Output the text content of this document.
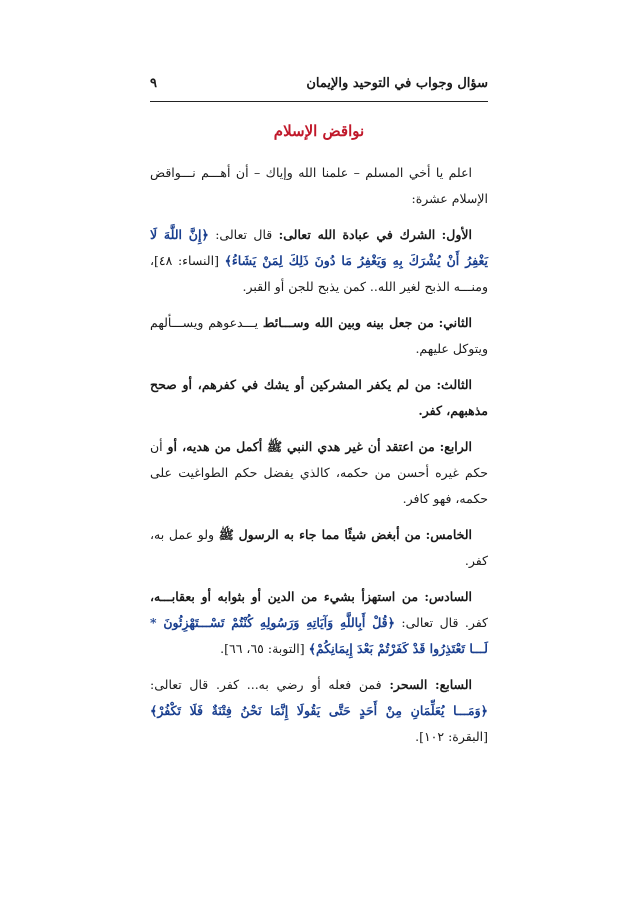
سؤال وجواب في التوحيد والإيمان
٩
نواقض الإسلام

اعلم يا أخي المسلم – علمنا الله وإياك – أن أهـــم نـــواقض الإسلام عشرة:

الأول: الشرك في عبادة الله تعالى: قال تعالى: ﴿إِنَّ اللَّهَ لَا يَغْفِرُ أَنْ يُشْرَكَ بِهِ وَيَغْفِرُ مَا دُونَ ذَلِكَ لِمَنْ يَشَاءُ﴾ [النساء: ٤٨]، ومنـــه الذبح لغير الله.. كمن يذبح للجن أو القبر.

الثاني: من جعل بينه وبين الله وســـائط يـــدعوهم ويســـألهم ويتوكل عليهم.

الثالث: من لم يكفر المشركين أو يشك في كفرهم، أو صحح مذهبهم، كفر.

الرابع: من اعتقد أن غير هدي النبي ﷺ أكمل من هديه، أو أن حكم غيره أحسن من حكمه، كالذي يفضل حكم الطواغيت على حكمه، فهو كافر.

الخامس: من أبغض شيئًا مما جاء به الرسول ﷺ ولو عمل به، كفر.

السادس: من استهزأ بشيء من الدين أو بثوابه أو بعقابـــه، كفر. قال تعالى: ﴿قُلْ أَبِاللَّهِ وَآيَاتِهِ وَرَسُولِهِ كُنْتُمْ تَسْـــتَهْزِئُونَ * لَـــا تَعْتَذِرُوا قَدْ كَفَرْتُمْ بَعْدَ إِيمَانِكُمْ﴾ [التوبة: ٦٥، ٦٦].

السابع: السحر: فمن فعله أو رضي به... كفر. قال تعالى: ﴿وَمَـــا يُعَلِّمَانِ مِنْ أَحَدٍ حَتَّى يَقُولَا إِنَّمَا نَحْنُ فِتْنَةٌ فَلَا تَكْفُرْ﴾ [البقرة: ١٠٢].
